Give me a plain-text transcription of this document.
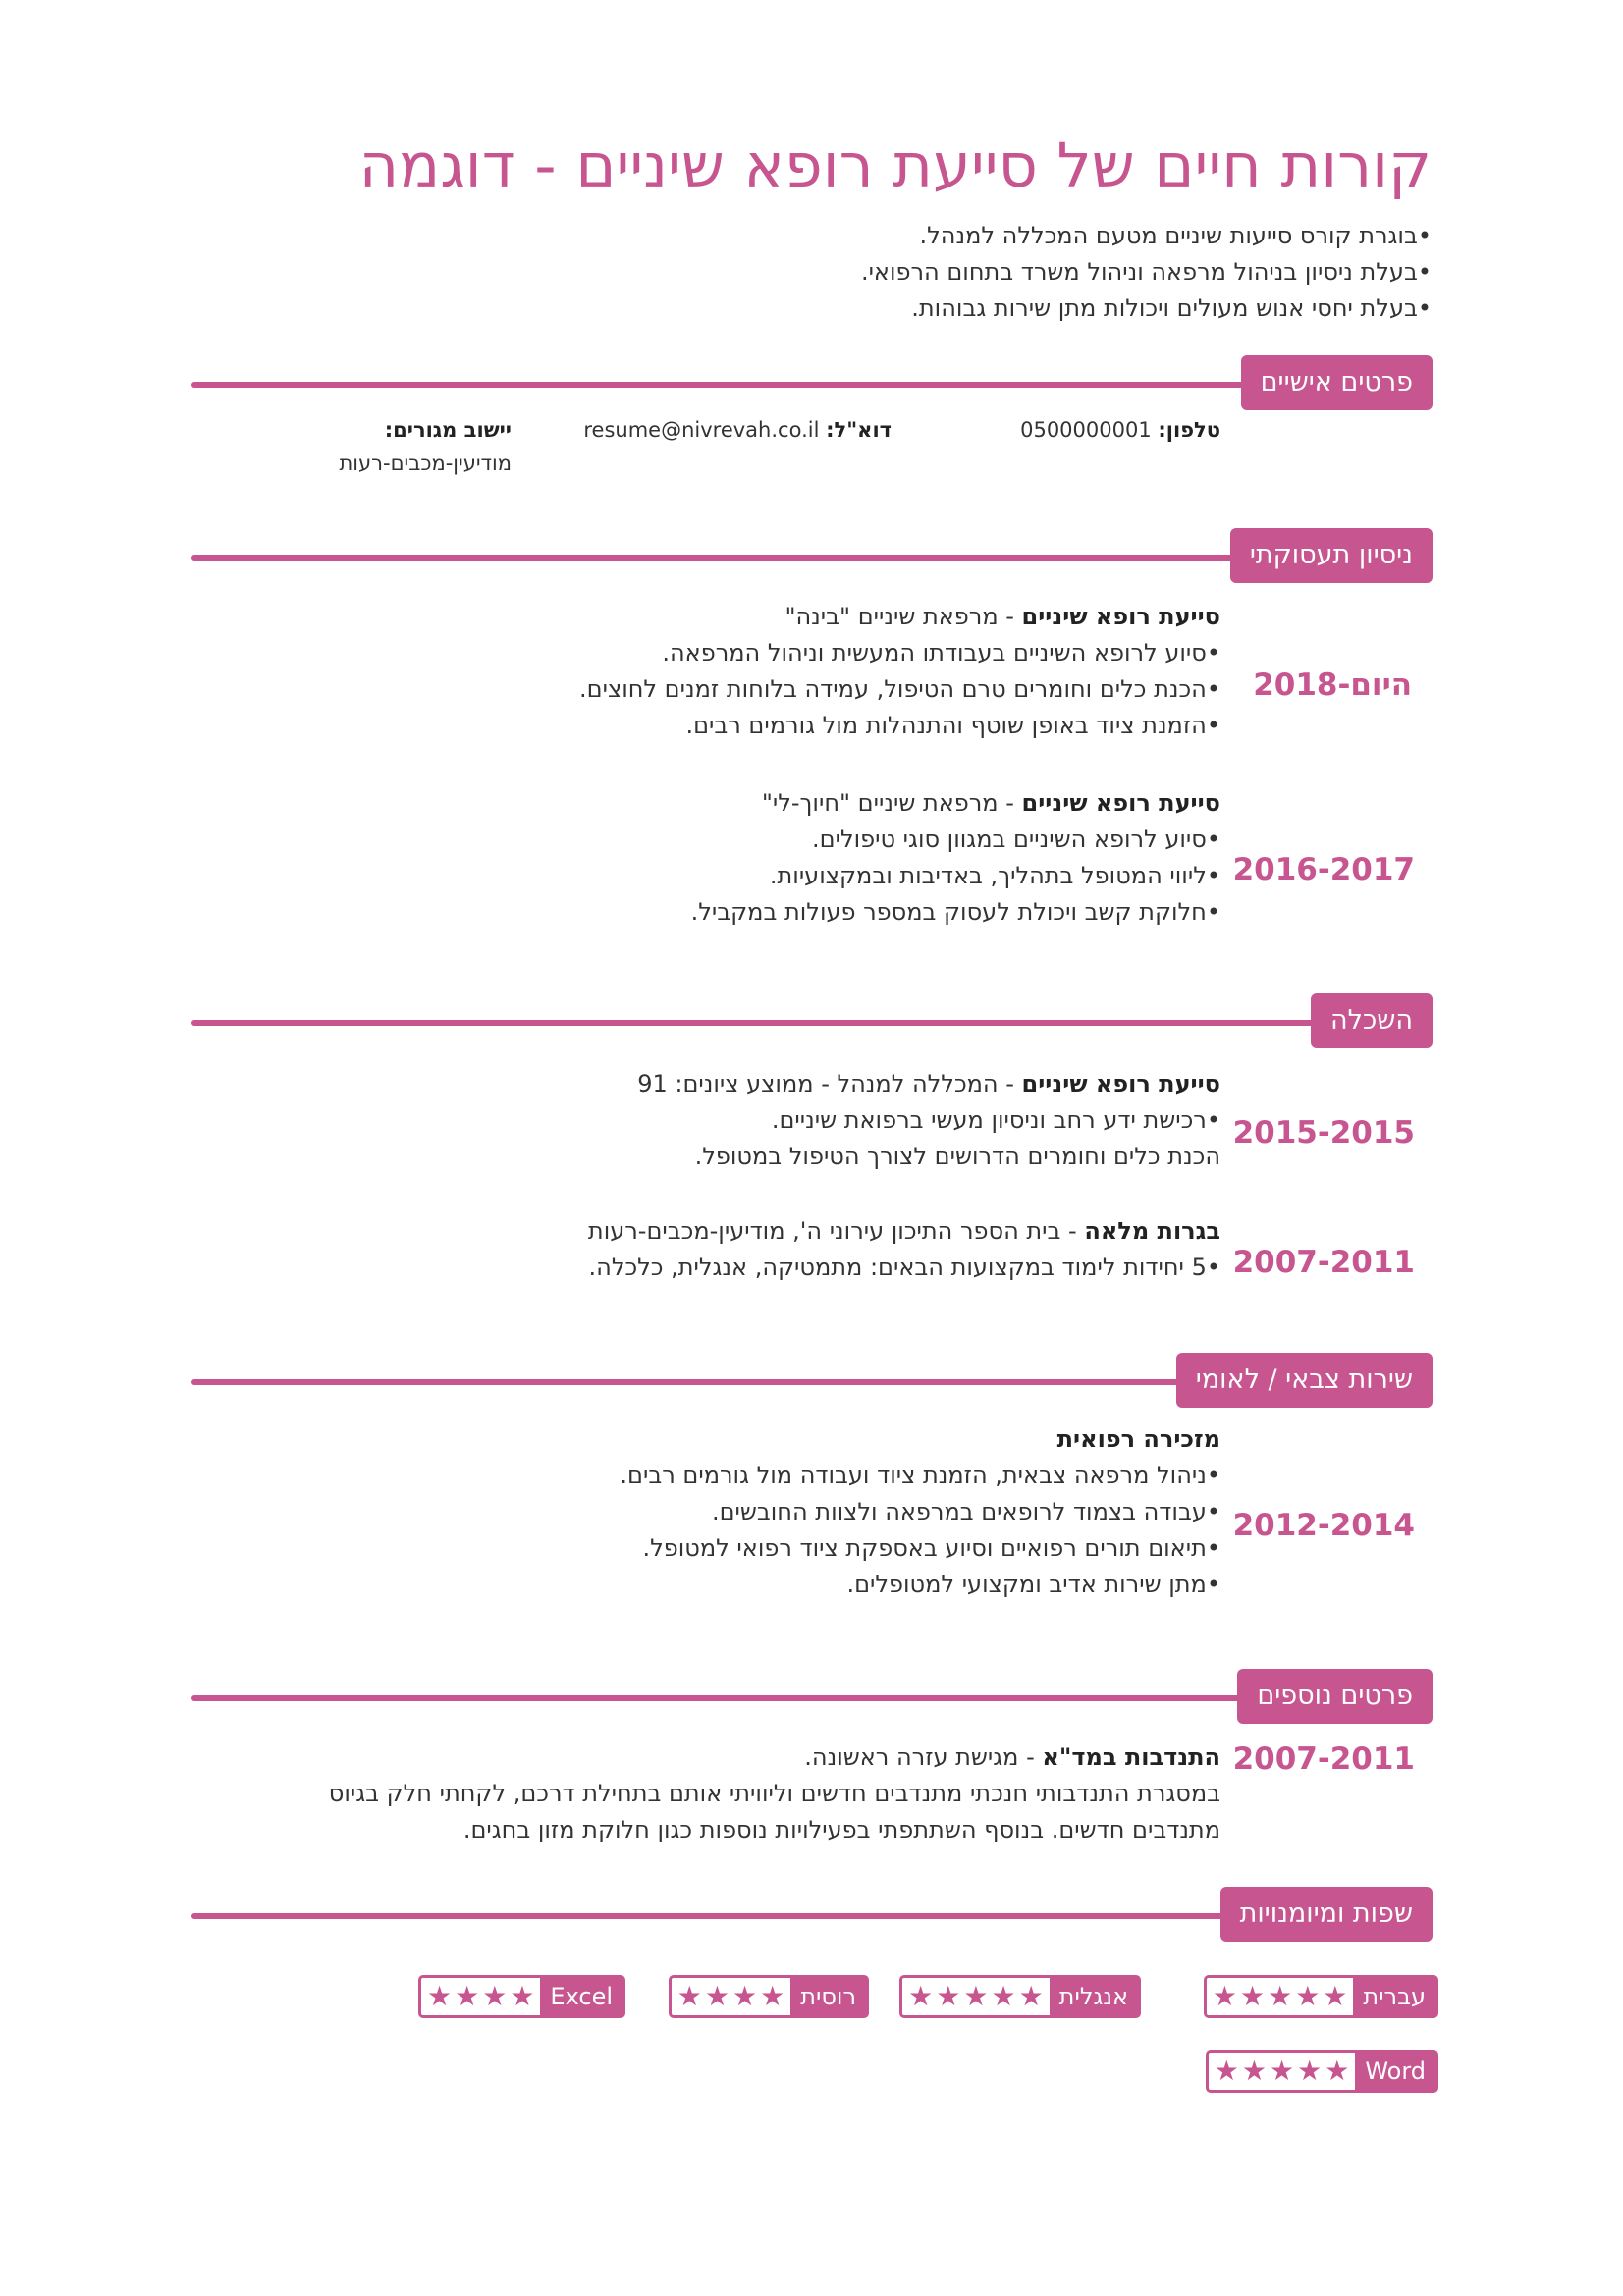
קורות חיים של סייעת רופא שיניים - דוגמה
•בוגרת קורס סייעות שיניים מטעם המכללה למנהל.
•בעלת ניסיון בניהול מרפאה וניהול משרד בתחום הרפואי.
•בעלת יחסי אנוש מעולים ויכולות מתן שירות גבוהות.
פרטים אישיים
טלפון: 0500000001
דוא"ל: resume@nivrevah.co.il
יישוב מגורים:
מודיעין-מכבים-רעות
ניסיון תעסוקתי
2018-היום
סייעת רופא שיניים - מרפאת שיניים "בינה"
•סיוע לרופא השיניים בעבודתו המעשית וניהול המרפאה.
•הכנת כלים וחומרים טרם הטיפול, עמידה בלוחות זמנים לחוצים.
•הזמנת ציוד באופן שוטף והתנהלות מול גורמים רבים.
2016-2017
סייעת רופא שיניים - מרפאת שיניים "חיוך-לי"
•סיוע לרופא השיניים במגוון סוגי טיפולים.
•ליווי המטופל בתהליך, באדיבות ובמקצועיות.
•חלוקת קשב ויכולת לעסוק במספר פעולות במקביל.
השכלה
2015-2015
סייעת רופא שיניים - המכללה למנהל - ממוצע ציונים: 91
•רכישת ידע רחב וניסיון מעשי ברפואת שיניים.
הכנת כלים וחומרים הדרושים לצורך הטיפול במטופל.
2007-2011
בגרות מלאה - בית הספר התיכון עירוני ה', מודיעין-מכבים-רעות
•5 יחידות לימוד במקצועות הבאים: מתמטיקה, אנגלית, כלכלה.
שירות צבאי / לאומי
2012-2014
מזכירה רפואית
•ניהול מרפאה צבאית, הזמנת ציוד ועבודה מול גורמים רבים.
•עבודה בצמוד לרופאים במרפאה ולצוות החובשים.
•תיאום תורים רפואיים וסיוע באספקת ציוד רפואי למטופל.
•מתן שירות אדיב ומקצועי למטופלים.
פרטים נוספים
2007-2011
התנדבות במד"א - מגישת עזרה ראשונה.
במסגרת התנדבותי חנכתי מתנדבים חדשים וליוויתי אותם בתחילת דרכם, לקחתי חלק בגיוס
מתנדבים חדשים. בנוסף השתתפתי בפעילויות נוספות כגון חלוקת מזון בחגים.
שפות ומיומנויות
עברית
★ ★ ★ ★ ★
אנגלית
★ ★ ★ ★ ★
רוסית
★ ★ ★ ★
Excel
★ ★ ★ ★
Word
★ ★ ★ ★ ★
